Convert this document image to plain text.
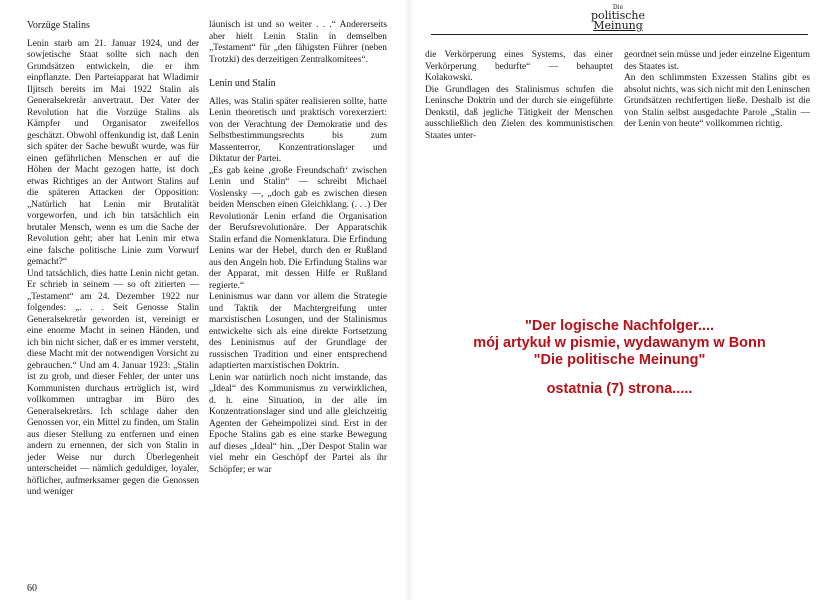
Vorzüge Stalins

Lenin starb am 21. Januar 1924, und der sowjetische Staat sollte sich nach den Grundsätzen entwickeln, die er ihm einpflanzte. Den Parteiapparat hat Wladimir Iljitsch bereits im Mai 1922 Stalin als Generalsekretär anvertraut. Der Vater der Revolution hat die Vorzüge Stalins als Kämpfer und Organisator zweifellos geschätzt. Obwohl offenkundig ist, daß Lenin sich später der Sache bewußt wurde, was für einen gefährlichen Menschen er auf die Höhen der Macht gezogen hatte, ist doch etwas Richtiges an der Antwort Stalins auf die späteren Attacken der Opposition: „Natürlich hat Lenin mir Brutalität vorgeworfen, und ich bin tatsächlich ein brutaler Mensch, wenn es um die Sache der Revolution geht; aber hat Lenin mir etwa eine falsche politische Linie zum Vorwurf gemacht?“

Und tatsächlich, dies hatte Lenin nicht getan. Er schrieb in seinem — so oft zitierten — „Testament“ am 24. Dezember 1922 nur folgendes: „. . . Seit Genosse Stalin Generalsekretär geworden ist, vereinigt er eine enorme Macht in seinen Händen, und ich bin nicht sicher, daß er es immer versteht, diese Macht mit der notwendigen Vorsicht zu gebrauchen.“ Und am 4. Januar 1923: „Stalin ist zu grob, und dieser Fehler, der unter uns Kommunisten durchaus erträglich ist, wird vollkommen untragbar im Büro des Generalsekretärs. Ich schlage daher den Genossen vor, ein Mittel zu finden, um Stalin aus dieser Stellung zu entfernen und einen andern zu ernennen, der sich von Stalin in jeder Weise nur durch Überlegenheit unterscheidet — nämlich geduldiger, loyaler, höflicher, aufmerksamer gegen die Genossen und weniger

läunisch ist und so weiter . . .“ Andererseits aber hielt Lenin Stalin in demselben „Testament“ für „den fähigsten Führer (neben Trotzki) des derzeitigen Zentralkomitees“.

Lenin und Stalin

Alles, was Stalin später realisieren sollte, hatte Lenin theoretisch und praktisch vorexerziert: von der Verachtung der Demokratie und des Selbstbestimmungsrechts bis zum Massenterror, Konzentrationslager und Diktatur der Partei.

„Es gab keine ‚große Freundschaft‘ zwischen Lenin und Stalin“ — schreibt Michael Voslensky —, „doch gab es zwischen diesen beiden Menschen einen Gleichklang. (. . .) Der Revolutionär Lenin erfand die Organisation der Berufsrevolutionäre. Der Apparatschik Stalin erfand die Nomenklatura. Die Erfindung Lenins war der Hebel, durch den er Rußland aus den Angeln hob. Die Erfindung Stalins war der Apparat, mit dessen Hilfe er Rußland regierte.“

Leninismus war dann vor allem die Strategie und Taktik der Machtergreifung unter marxistischen Losungen, und der Stalinismus entwickelte sich als eine direkte Fortsetzung des Leninismus auf der Grundlage der russischen Tradition und einer entsprechend adaptierten marxistischen Doktrin.

Lenin war natürlich noch nicht imstande, das „Ideal“ des Kommunismus zu verwirklichen, d. h. eine Situation, in der alle im Konzentrationslager sind und alle gleichzeitig Agenten der Geheimpolizei sind. Erst in der Epoche Stalins gab es eine starke Bewegung auf dieses „Ideal“ hin. „Der Despot Stalin war viel mehr ein Geschöpf der Partei als ihr Schöpfer; er war

60
Die
politische
Meinung

die Verkörperung eines Systems, das einer Verkörperung bedurfte“ — behauptet Kolakowski.

Die Grundlagen des Stalinismus schufen die Leninsche Doktrin und der durch sie eingeführte Denkstil, daß jegliche Tätigkeit der Menschen ausschließlich den Zielen des kommunistischen Staates unter-

geordnet sein müsse und jeder einzelne Eigentum des Staates ist.

An den schlimmsten Exzessen Stalins gibt es absolut nichts, was sich nicht mit den Leninschen Grundsätzen rechtfertigen ließe. Deshalb ist die von Stalin selbst ausgedachte Parole „Stalin — der Lenin von heute“ vollkommen richtig.

"Der logische Nachfolger....
mój artykuł w pismie, wydawanym w Bonn
"Die politische Meinung"
ostatnia (7) strona.....
